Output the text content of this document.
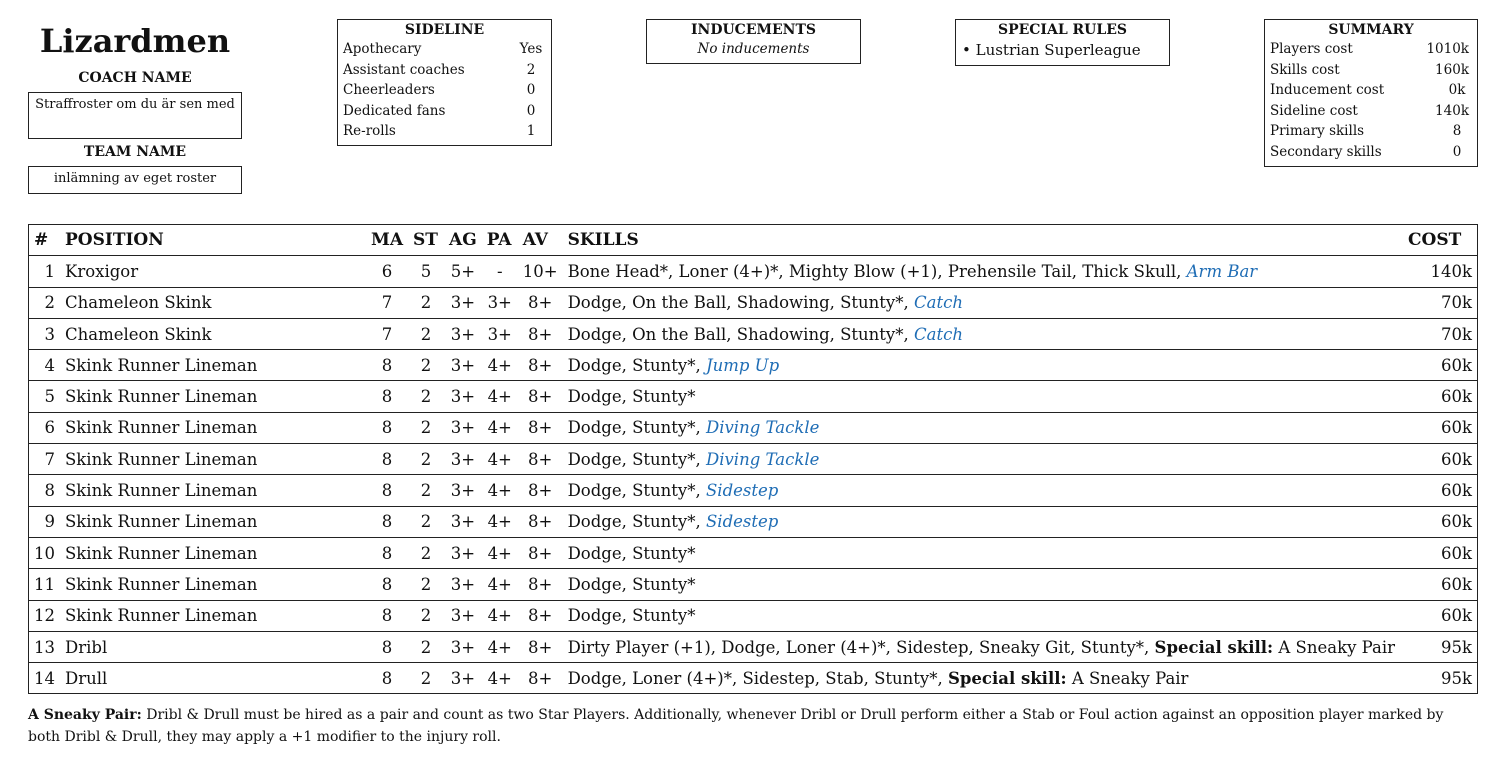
Lizardmen
COACH NAME
Straffroster om du är sen med
TEAM NAME
inlämning av eget roster
SIDELINE
Apothecary	Yes
Assistant coaches	2
Cheerleaders	0
Dedicated fans	0
Re-rolls	1
INDUCEMENTS
No inducements
SPECIAL RULES
• Lustrian Superleague
SUMMARY
Players cost	1010k
Skills cost	160k
Inducement cost	0k
Sideline cost	140k
Primary skills	8
Secondary skills	0
#	POSITION	MA	ST	AG	PA	AV	SKILLS	COST
1	Kroxigor	6	5	5+	-	10+	Bone Head*, Loner (4+)*, Mighty Blow (+1), Prehensile Tail, Thick Skull, Arm Bar	140k
2	Chameleon Skink	7	2	3+	3+	8+	Dodge, On the Ball, Shadowing, Stunty*, Catch	70k
3	Chameleon Skink	7	2	3+	3+	8+	Dodge, On the Ball, Shadowing, Stunty*, Catch	70k
4	Skink Runner Lineman	8	2	3+	4+	8+	Dodge, Stunty*, Jump Up	60k
5	Skink Runner Lineman	8	2	3+	4+	8+	Dodge, Stunty*	60k
6	Skink Runner Lineman	8	2	3+	4+	8+	Dodge, Stunty*, Diving Tackle	60k
7	Skink Runner Lineman	8	2	3+	4+	8+	Dodge, Stunty*, Diving Tackle	60k
8	Skink Runner Lineman	8	2	3+	4+	8+	Dodge, Stunty*, Sidestep	60k
9	Skink Runner Lineman	8	2	3+	4+	8+	Dodge, Stunty*, Sidestep	60k
10	Skink Runner Lineman	8	2	3+	4+	8+	Dodge, Stunty*	60k
11	Skink Runner Lineman	8	2	3+	4+	8+	Dodge, Stunty*	60k
12	Skink Runner Lineman	8	2	3+	4+	8+	Dodge, Stunty*	60k
13	Dribl	8	2	3+	4+	8+	Dirty Player (+1), Dodge, Loner (4+)*, Sidestep, Sneaky Git, Stunty*, Special skill: A Sneaky Pair	95k
14	Drull	8	2	3+	4+	8+	Dodge, Loner (4+)*, Sidestep, Stab, Stunty*, Special skill: A Sneaky Pair	95k
A Sneaky Pair: Dribl & Drull must be hired as a pair and count as two Star Players. Additionally, whenever Dribl or Drull perform either a Stab or Foul action against an opposition player marked by both Dribl & Drull, they may apply a +1 modifier to the injury roll.
